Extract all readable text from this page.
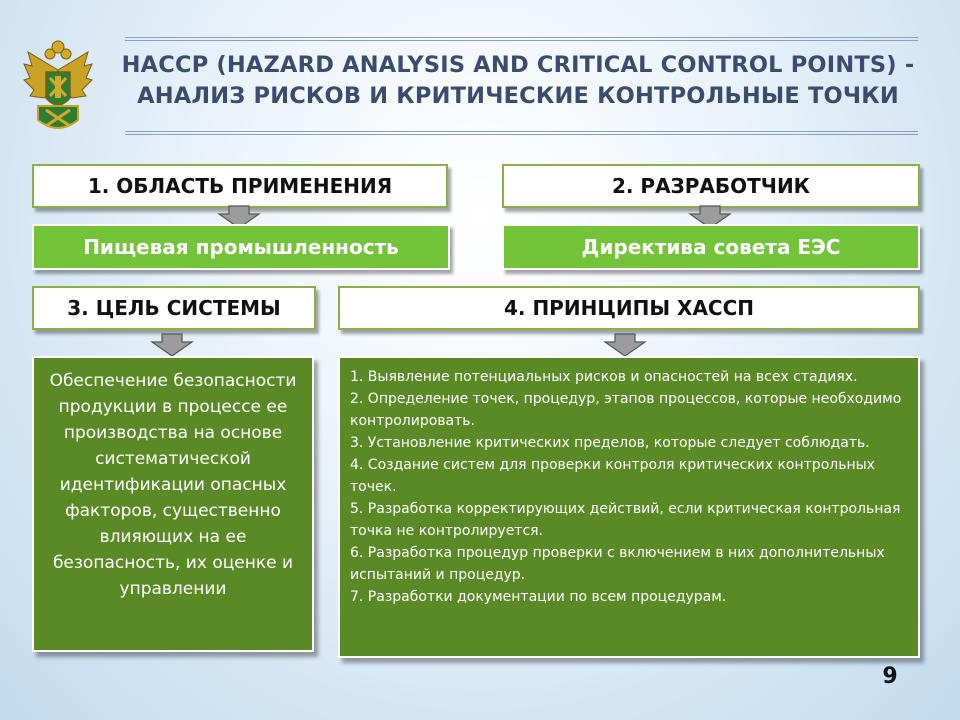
HACCP (HAZARD ANALYSIS AND CRITICAL CONTROL POINTS) -
АНАЛИЗ РИСКОВ И КРИТИЧЕСКИЕ КОНТРОЛЬНЫЕ ТОЧКИ
1. ОБЛАСТЬ ПРИМЕНЕНИЯ
Пищевая промышленность
2. РАЗРАБОТЧИК
Директива совета ЕЭС
3. ЦЕЛЬ СИСТЕМЫ
Обеспечение безопасности продукции в процессе ее производства на основе систематической идентификации опасных факторов, существенно влияющих на ее безопасность, их оценке и управлении
4. ПРИНЦИПЫ ХАССП
1. Выявление потенциальных рисков и опасностей на всех стадиях.
2. Определение точек, процедур, этапов процессов, которые необходимо контролировать.
3. Установление критических пределов, которые следует соблюдать.
4. Создание систем для проверки контроля критических контрольных точек.
5. Разработка корректирующих действий, если критическая контрольная точка не контролируется.
6. Разработка процедур проверки с включением в них дополнительных испытаний и процедур.
7. Разработки документации по всем процедурам.
9
